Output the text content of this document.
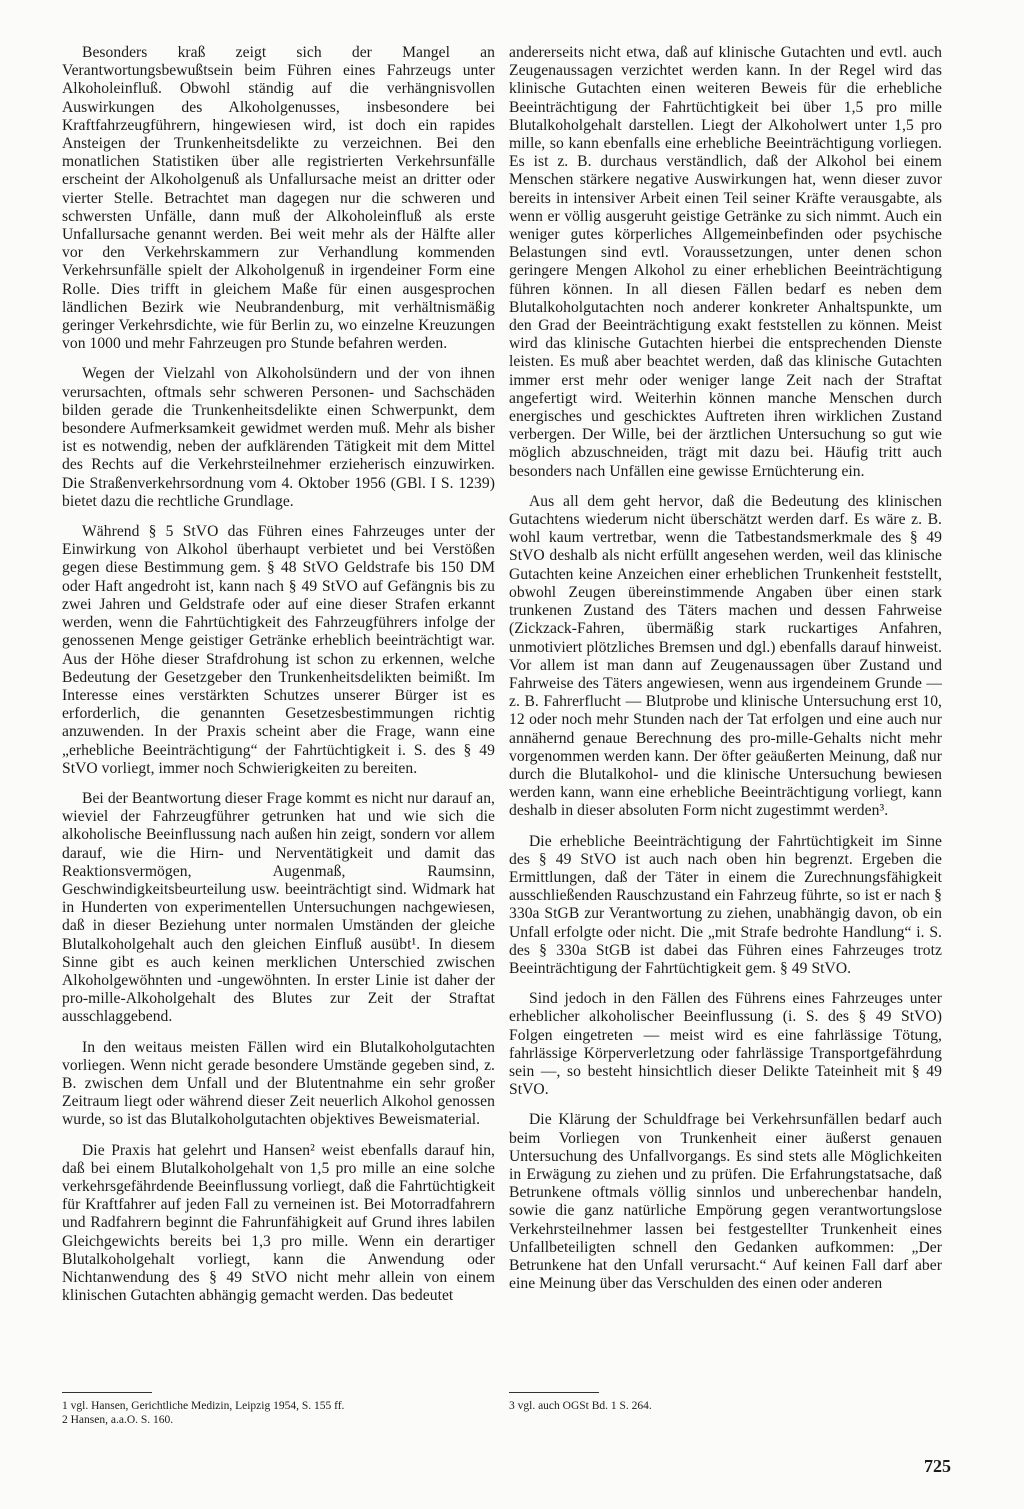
Besonders kraß zeigt sich der Mangel an Verantwortungsbewußtsein beim Führen eines Fahrzeugs unter Alkoholeinfluß. Obwohl ständig auf die verhängnisvollen Auswirkungen des Alkoholgenusses, insbesondere bei Kraftfahrzeugführern, hingewiesen wird, ist doch ein rapides Ansteigen der Trunkenheitsdelikte zu verzeichnen. Bei den monatlichen Statistiken über alle registrierten Verkehrsunfälle erscheint der Alkoholgenuß als Unfallursache meist an dritter oder vierter Stelle. Betrachtet man dagegen nur die schweren und schwersten Unfälle, dann muß der Alkoholeinfluß als erste Unfallursache genannt werden. Bei weit mehr als der Hälfte aller vor den Verkehrskammern zur Verhandlung kommenden Verkehrsunfälle spielt der Alkoholgenuß in irgendeiner Form eine Rolle. Dies trifft in gleichem Maße für einen ausgesprochen ländlichen Bezirk wie Neubrandenburg, mit verhältnismäßig geringer Verkehrsdichte, wie für Berlin zu, wo einzelne Kreuzungen von 1000 und mehr Fahrzeugen pro Stunde befahren werden.

Wegen der Vielzahl von Alkoholsündern und der von ihnen verursachten, oftmals sehr schweren Personen- und Sachschäden bilden gerade die Trunkenheitsdelikte einen Schwerpunkt, dem besondere Aufmerksamkeit gewidmet werden muß. Mehr als bisher ist es notwendig, neben der aufklärenden Tätigkeit mit dem Mittel des Rechts auf die Verkehrsteilnehmer erzieherisch einzuwirken. Die Straßenverkehrsordnung vom 4. Oktober 1956 (GBl. I S. 1239) bietet dazu die rechtliche Grundlage.

Während § 5 StVO das Führen eines Fahrzeuges unter der Einwirkung von Alkohol überhaupt verbietet und bei Verstößen gegen diese Bestimmung gem. § 48 StVO Geldstrafe bis 150 DM oder Haft angedroht ist, kann nach § 49 StVO auf Gefängnis bis zu zwei Jahren und Geldstrafe oder auf eine dieser Strafen erkannt werden, wenn die Fahrtüchtigkeit des Fahrzeugführers infolge der genossenen Menge geistiger Getränke erheblich beeinträchtigt war. Aus der Höhe dieser Strafdrohung ist schon zu erkennen, welche Bedeutung der Gesetzgeber den Trunkenheitsdelikten beimißt. Im Interesse eines verstärkten Schutzes unserer Bürger ist es erforderlich, die genannten Gesetzesbestimmungen richtig anzuwenden. In der Praxis scheint aber die Frage, wann eine „erhebliche Beeinträchtigung“ der Fahrtüchtigkeit i. S. des § 49 StVO vorliegt, immer noch Schwierigkeiten zu bereiten.

Bei der Beantwortung dieser Frage kommt es nicht nur darauf an, wieviel der Fahrzeugführer getrunken hat und wie sich die alkoholische Beeinflussung nach außen hin zeigt, sondern vor allem darauf, wie die Hirn- und Nerventätigkeit und damit das Reaktionsvermögen, Augenmaß, Raumsinn, Geschwindigkeitsbeurteilung usw. beeinträchtigt sind. Widmark hat in Hunderten von experimentellen Untersuchungen nachgewiesen, daß in dieser Beziehung unter normalen Umständen der gleiche Blutalkoholgehalt auch den gleichen Einfluß ausübt¹. In diesem Sinne gibt es auch keinen merklichen Unterschied zwischen Alkoholgewöhnten und -ungewöhnten. In erster Linie ist daher der pro-mille-Alkoholgehalt des Blutes zur Zeit der Straftat ausschlaggebend.

In den weitaus meisten Fällen wird ein Blutalkoholgutachten vorliegen. Wenn nicht gerade besondere Umstände gegeben sind, z. B. zwischen dem Unfall und der Blutentnahme ein sehr großer Zeitraum liegt oder während dieser Zeit neuerlich Alkohol genossen wurde, so ist das Blutalkoholgutachten objektives Beweismaterial.

Die Praxis hat gelehrt und Hansen² weist ebenfalls darauf hin, daß bei einem Blutalkoholgehalt von 1,5 pro mille an eine solche verkehrsgefährdende Beeinflussung vorliegt, daß die Fahrtüchtigkeit für Kraftfahrer auf jeden Fall zu verneinen ist. Bei Motorradfahrern und Radfahrern beginnt die Fahrunfähigkeit auf Grund ihres labilen Gleichgewichts bereits bei 1,3 pro mille. Wenn ein derartiger Blutalkoholgehalt vorliegt, kann die Anwendung oder Nichtanwendung des § 49 StVO nicht mehr allein von einem klinischen Gutachten abhängig gemacht werden. Das bedeutet

andererseits nicht etwa, daß auf klinische Gutachten und evtl. auch Zeugenaussagen verzichtet werden kann. In der Regel wird das klinische Gutachten einen weiteren Beweis für die erhebliche Beeinträchtigung der Fahrtüchtigkeit bei über 1,5 pro mille Blutalkoholgehalt darstellen. Liegt der Alkoholwert unter 1,5 pro mille, so kann ebenfalls eine erhebliche Beeinträchtigung vorliegen. Es ist z. B. durchaus verständlich, daß der Alkohol bei einem Menschen stärkere negative Auswirkungen hat, wenn dieser zuvor bereits in intensiver Arbeit einen Teil seiner Kräfte verausgabte, als wenn er völlig ausgeruht geistige Getränke zu sich nimmt. Auch ein weniger gutes körperliches Allgemeinbefinden oder psychische Belastungen sind evtl. Voraussetzungen, unter denen schon geringere Mengen Alkohol zu einer erheblichen Beeinträchtigung führen können. In all diesen Fällen bedarf es neben dem Blutalkoholgutachten noch anderer konkreter Anhaltspunkte, um den Grad der Beeinträchtigung exakt feststellen zu können. Meist wird das klinische Gutachten hierbei die entsprechenden Dienste leisten. Es muß aber beachtet werden, daß das klinische Gutachten immer erst mehr oder weniger lange Zeit nach der Straftat angefertigt wird. Weiterhin können manche Menschen durch energisches und geschicktes Auftreten ihren wirklichen Zustand verbergen. Der Wille, bei der ärztlichen Untersuchung so gut wie möglich abzuschneiden, trägt mit dazu bei. Häufig tritt auch besonders nach Unfällen eine gewisse Ernüchterung ein.

Aus all dem geht hervor, daß die Bedeutung des klinischen Gutachtens wiederum nicht überschätzt werden darf. Es wäre z. B. wohl kaum vertretbar, wenn die Tatbestandsmerkmale des § 49 StVO deshalb als nicht erfüllt angesehen werden, weil das klinische Gutachten keine Anzeichen einer erheblichen Trunkenheit feststellt, obwohl Zeugen übereinstimmende Angaben über einen stark trunkenen Zustand des Täters machen und dessen Fahrweise (Zickzack-Fahren, übermäßig stark ruckartiges Anfahren, unmotiviert plötzliches Bremsen und dgl.) ebenfalls darauf hinweist. Vor allem ist man dann auf Zeugenaussagen über Zustand und Fahrweise des Täters angewiesen, wenn aus irgendeinem Grunde — z. B. Fahrerflucht — Blutprobe und klinische Untersuchung erst 10, 12 oder noch mehr Stunden nach der Tat erfolgen und eine auch nur annähernd genaue Berechnung des pro-mille-Gehalts nicht mehr vorgenommen werden kann. Der öfter geäußerten Meinung, daß nur durch die Blutalkohol- und die klinische Untersuchung bewiesen werden kann, wann eine erhebliche Beeinträchtigung vorliegt, kann deshalb in dieser absoluten Form nicht zugestimmt werden³.

Die erhebliche Beeinträchtigung der Fahrtüchtigkeit im Sinne des § 49 StVO ist auch nach oben hin begrenzt. Ergeben die Ermittlungen, daß der Täter in einem die Zurechnungsfähigkeit ausschließenden Rauschzustand ein Fahrzeug führte, so ist er nach § 330a StGB zur Verantwortung zu ziehen, unabhängig davon, ob ein Unfall erfolgte oder nicht. Die „mit Strafe bedrohte Handlung“ i. S. des § 330a StGB ist dabei das Führen eines Fahrzeuges trotz Beeinträchtigung der Fahrtüchtigkeit gem. § 49 StVO.

Sind jedoch in den Fällen des Führens eines Fahrzeuges unter erheblicher alkoholischer Beeinflussung (i. S. des § 49 StVO) Folgen eingetreten — meist wird es eine fahrlässige Tötung, fahrlässige Körperverletzung oder fahrlässige Transportgefährdung sein —, so besteht hinsichtlich dieser Delikte Tateinheit mit § 49 StVO.

Die Klärung der Schuldfrage bei Verkehrsunfällen bedarf auch beim Vorliegen von Trunkenheit einer äußerst genauen Untersuchung des Unfallvorgangs. Es sind stets alle Möglichkeiten in Erwägung zu ziehen und zu prüfen. Die Erfahrungstatsache, daß Betrunkene oftmals völlig sinnlos und unberechenbar handeln, sowie die ganz natürliche Empörung gegen verantwortungslose Verkehrsteilnehmer lassen bei festgestellter Trunkenheit eines Unfallbeteiligten schnell den Gedanken aufkommen: „Der Betrunkene hat den Unfall verursacht.“ Auf keinen Fall darf aber eine Meinung über das Verschulden des einen oder anderen

1 vgl. Hansen, Gerichtliche Medizin, Leipzig 1954, S. 155 ff.
2 Hansen, a.a.O. S. 160.
3 vgl. auch OGSt Bd. 1 S. 264.
725
